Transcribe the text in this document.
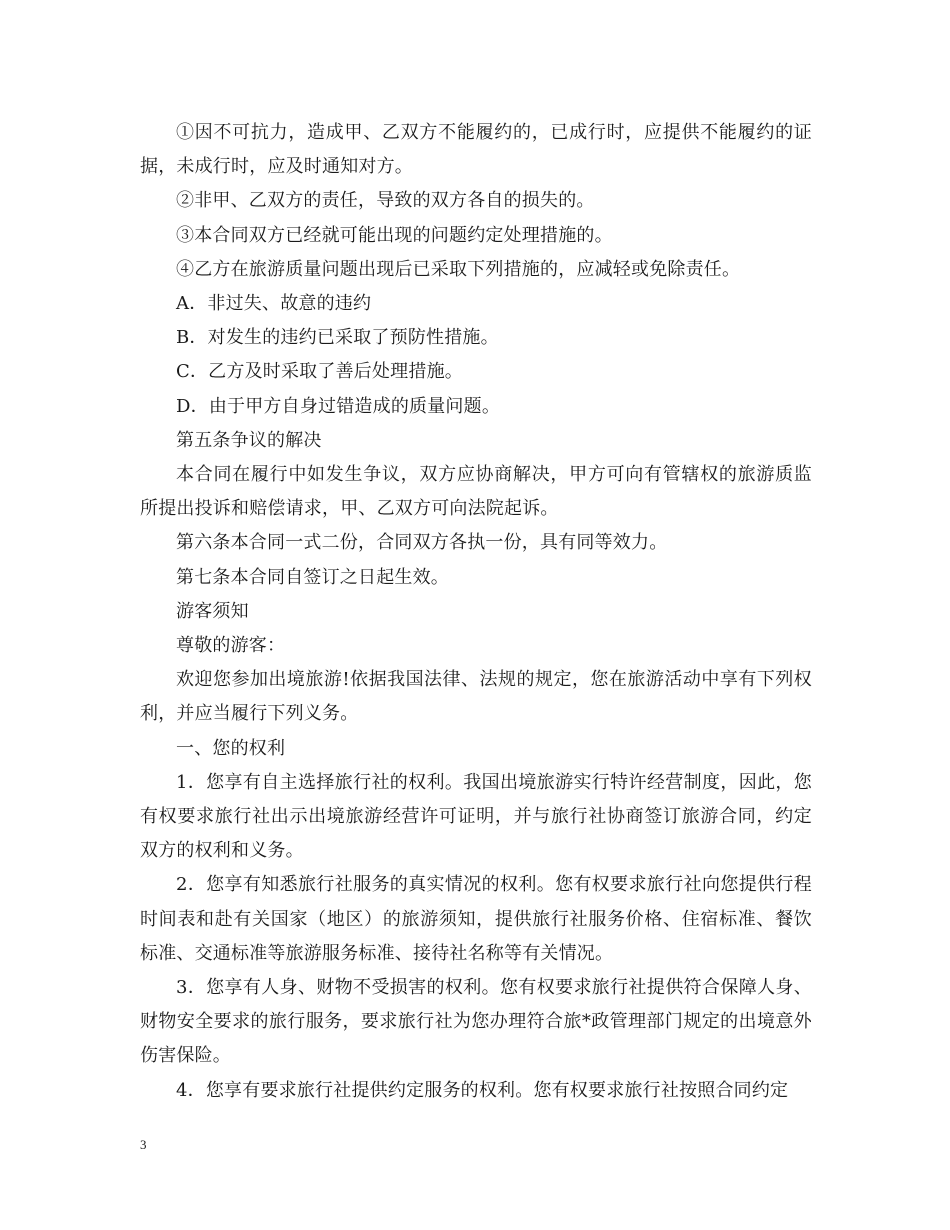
①因不可抗力，造成甲、乙双方不能履约的，已成行时，应提供不能履约的证据，未成行时，应及时通知对方。

②非甲、乙双方的责任，导致的双方各自的损失的。

③本合同双方已经就可能出现的问题约定处理措施的。

④乙方在旅游质量问题出现后已采取下列措施的，应减轻或免除责任。

A．非过失、故意的违约

B．对发生的违约已采取了预防性措施。

C．乙方及时采取了善后处理措施。

D．由于甲方自身过错造成的质量问题。

第五条争议的解决

本合同在履行中如发生争议，双方应协商解决，甲方可向有管辖权的旅游质监所提出投诉和赔偿请求，甲、乙双方可向法院起诉。

第六条本合同一式二份，合同双方各执一份，具有同等效力。

第七条本合同自签订之日起生效。

游客须知

尊敬的游客：

欢迎您参加出境旅游!依据我国法律、法规的规定，您在旅游活动中享有下列权利，并应当履行下列义务。

一、您的权利

1．您享有自主选择旅行社的权利。我国出境旅游实行特许经营制度，因此，您有权要求旅行社出示出境旅游经营许可证明，并与旅行社协商签订旅游合同，约定双方的权利和义务。

2．您享有知悉旅行社服务的真实情况的权利。您有权要求旅行社向您提供行程时间表和赴有关国家（地区）的旅游须知，提供旅行社服务价格、住宿标准、餐饮标准、交通标准等旅游服务标准、接待社名称等有关情况。

3．您享有人身、财物不受损害的权利。您有权要求旅行社提供符合保障人身、财物安全要求的旅行服务，要求旅行社为您办理符合旅*政管理部门规定的出境意外伤害保险。

4．您享有要求旅行社提供约定服务的权利。您有权要求旅行社按照合同约定

3
